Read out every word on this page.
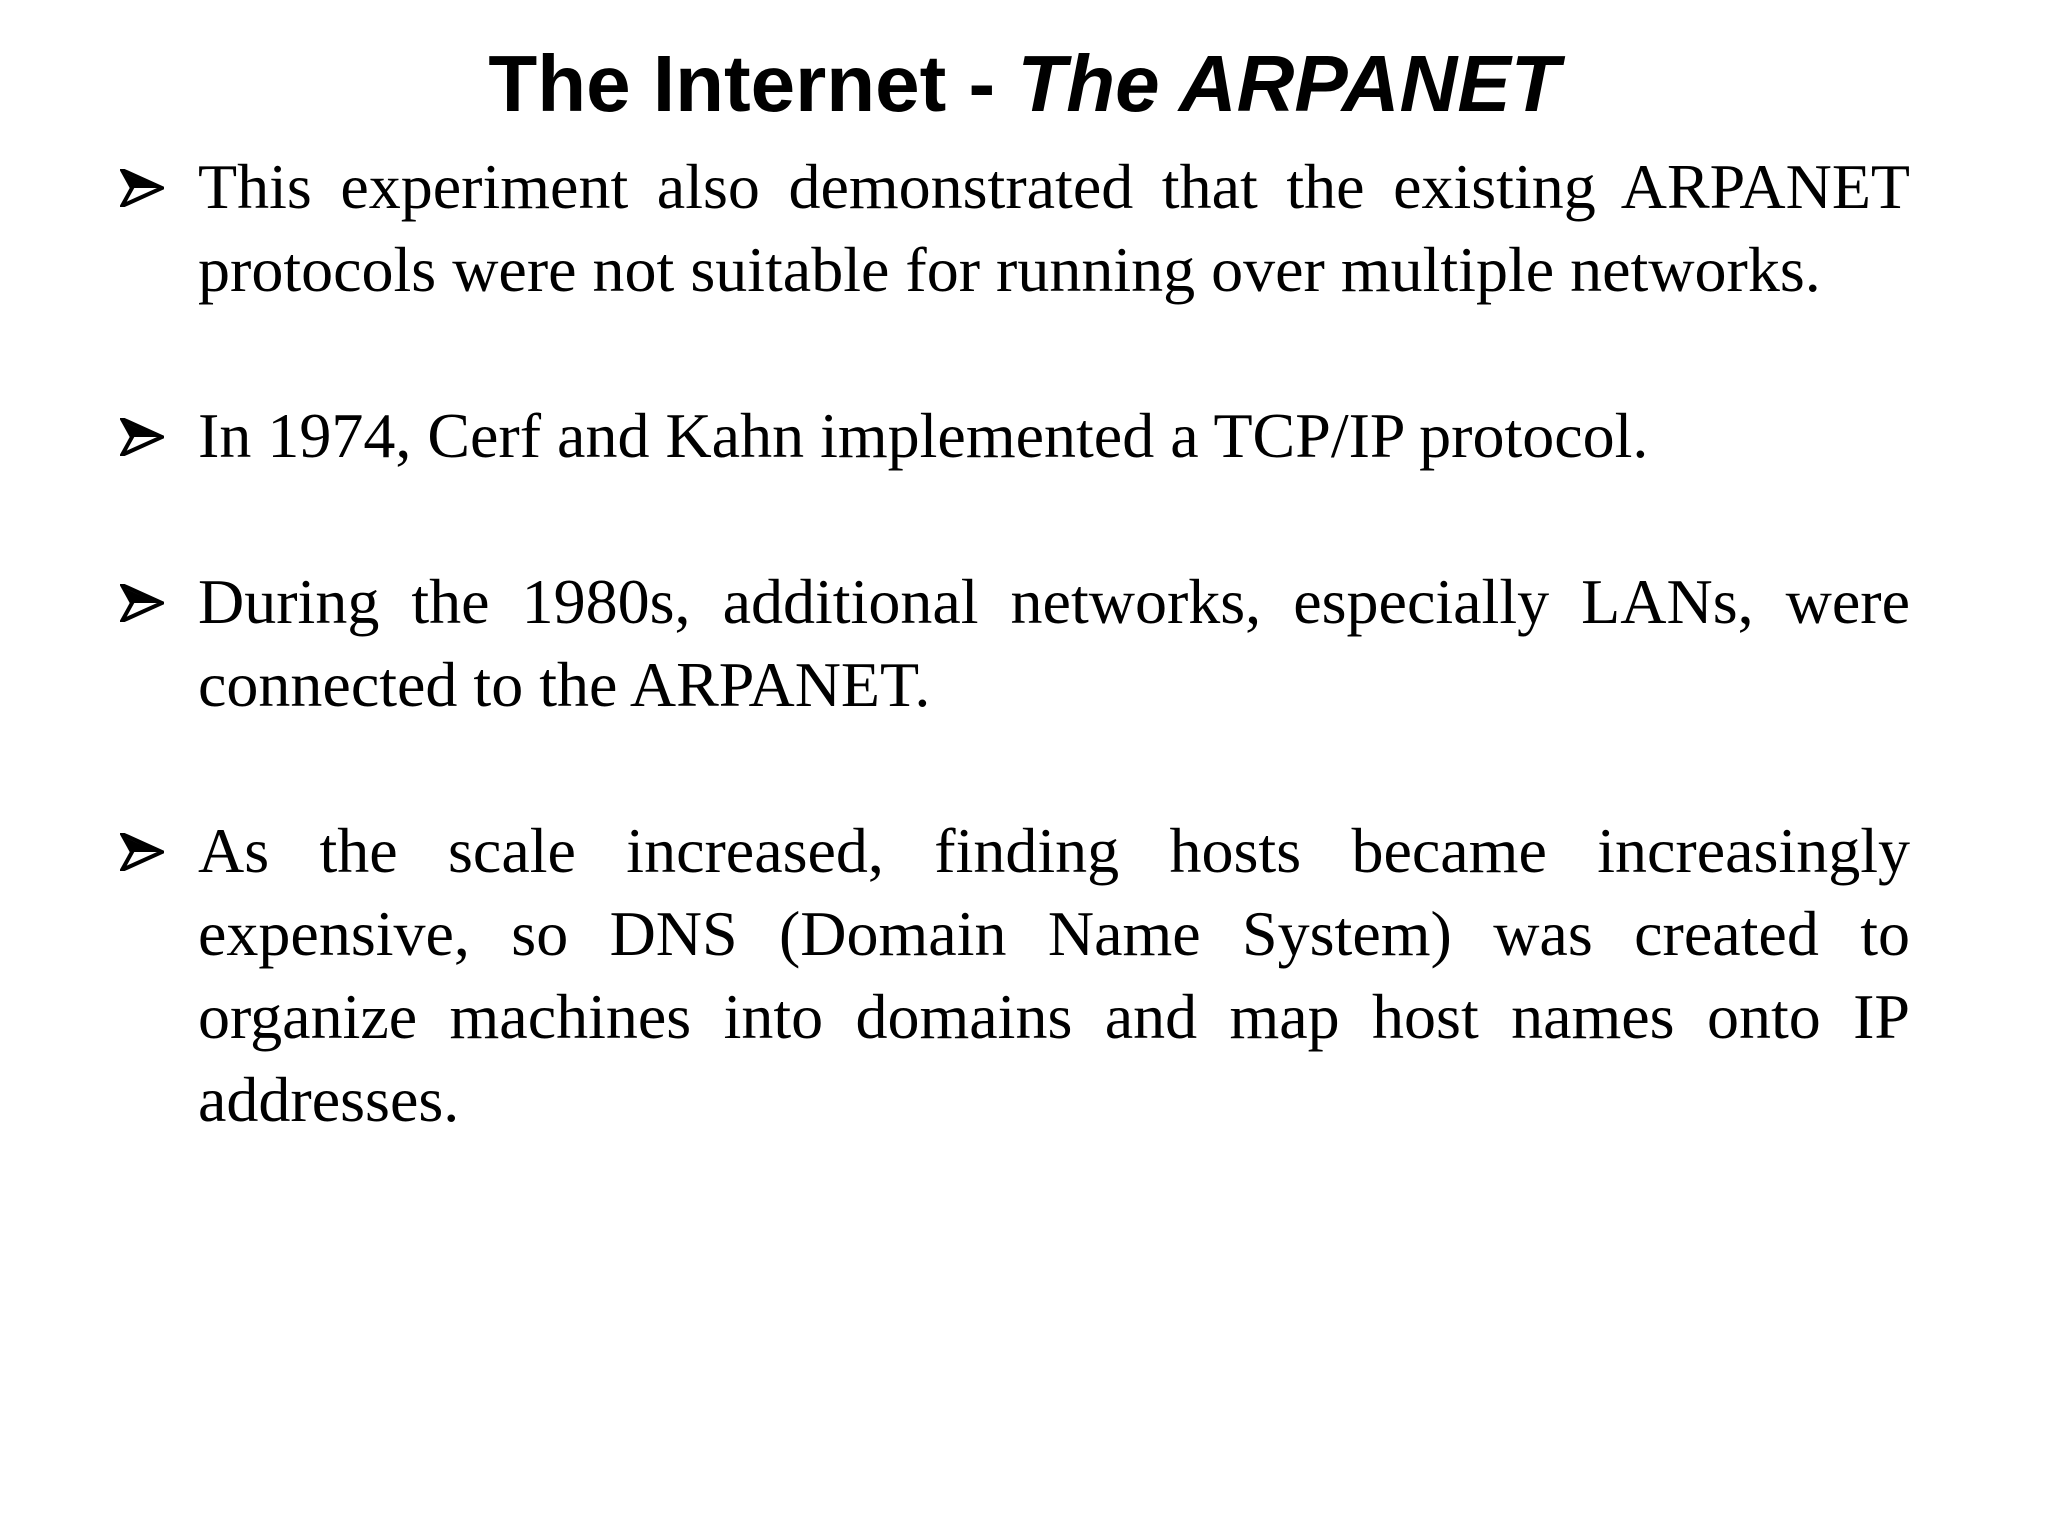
The Internet - The ARPANET
This experiment also demonstrated that the existing ARPANET protocols were not suitable for running over multiple networks.
In 1974, Cerf and Kahn implemented a TCP/IP protocol.
During the 1980s, additional networks, especially LANs, were connected to the ARPANET.
As the scale increased, finding hosts became increasingly expensive, so DNS (Domain Name System) was created to organize machines into domains and map host names onto IP addresses.
